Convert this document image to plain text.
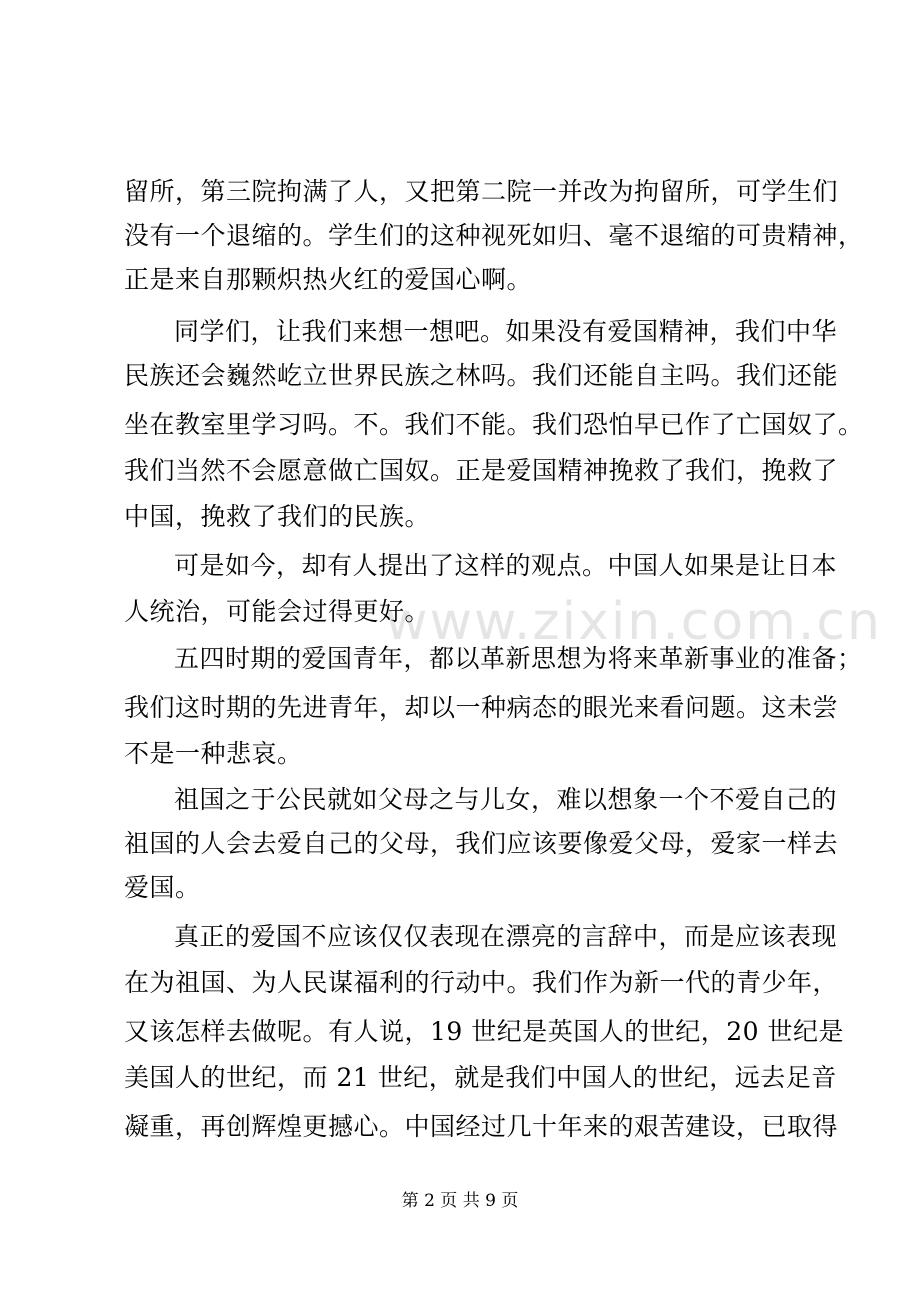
www.zixin.com.cn
留所，第三院拘满了人，又把第二院一并改为拘留所，可学生们
没有一个退缩的。学生们的这种视死如归、毫不退缩的可贵精神，
正是来自那颗炽热火红的爱国心啊。
同学们，让我们来想一想吧。如果没有爱国精神，我们中华
民族还会巍然屹立世界民族之林吗。我们还能自主吗。我们还能
坐在教室里学习吗。不。我们不能。我们恐怕早已作了亡国奴了。
我们当然不会愿意做亡国奴。正是爱国精神挽救了我们，挽救了
中国，挽救了我们的民族。
可是如今，却有人提出了这样的观点。中国人如果是让日本
人统治，可能会过得更好。
五四时期的爱国青年，都以革新思想为将来革新事业的准备；
我们这时期的先进青年，却以一种病态的眼光来看问题。这未尝
不是一种悲哀。
祖国之于公民就如父母之与儿女，难以想象一个不爱自己的
祖国的人会去爱自己的父母，我们应该要像爱父母，爱家一样去
爱国。
真正的爱国不应该仅仅表现在漂亮的言辞中，而是应该表现
在为祖国、为人民谋福利的行动中。我们作为新一代的青少年，
又该怎样去做呢。有人说，19 世纪是英国人的世纪，20 世纪是
美国人的世纪，而 21 世纪，就是我们中国人的世纪，远去足音
凝重，再创辉煌更撼心。中国经过几十年来的艰苦建设，已取得
第 2 页 共 9 页
